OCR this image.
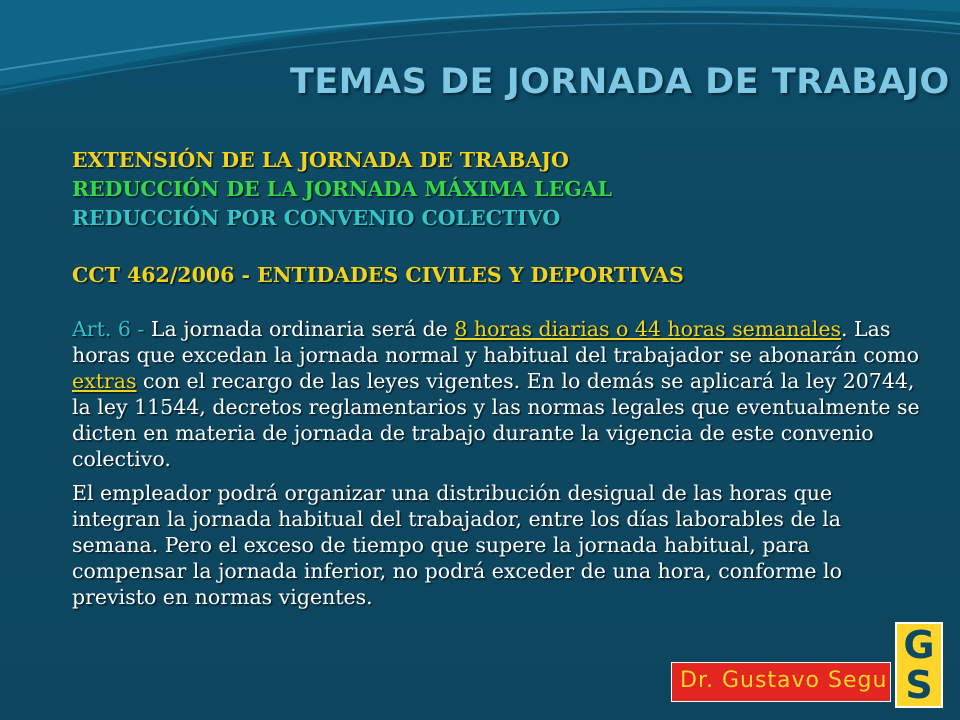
TEMAS DE JORNADA DE TRABAJO
EXTENSIÓN DE LA JORNADA DE TRABAJO
REDUCCIÓN DE LA JORNADA MÁXIMA LEGAL
REDUCCIÓN POR CONVENIO COLECTIVO
CCT 462/2006 - ENTIDADES CIVILES Y DEPORTIVAS
Art. 6 - La jornada ordinaria será de 8 horas diarias o 44 horas semanales. Las horas que excedan la jornada normal y habitual del trabajador se abonarán como extras con el recargo de las leyes vigentes. En lo demás se aplicará la ley 20744, la ley 11544, decretos reglamentarios y las normas legales que eventualmente se dicten en materia de jornada de trabajo durante la vigencia de este convenio colectivo.
El empleador podrá organizar una distribución desigual de las horas que integran la jornada habitual del trabajador, entre los días laborables de la semana. Pero el exceso de tiempo que supere la jornada habitual, para compensar la jornada inferior, no podrá exceder de una hora, conforme lo previsto en normas vigentes.
Dr. Gustavo Segu
G
S
